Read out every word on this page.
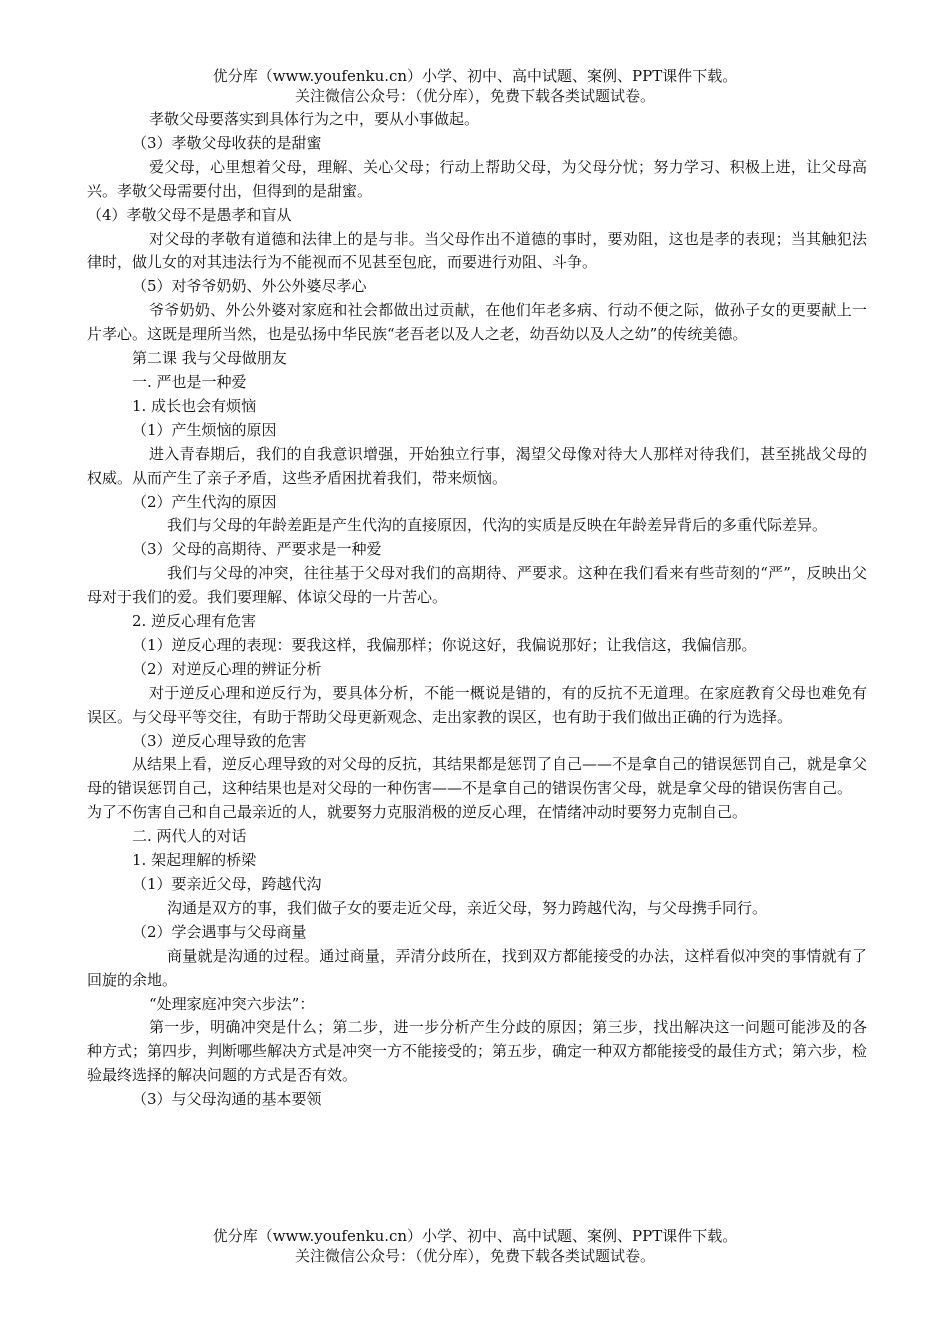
优分库（www.youfenku.cn）小学、初中、高中试题、案例、PPT课件下载。
关注微信公众号：（优分库），免费下载各类试题试卷。

孝敬父母要落实到具体行为之中，要从小事做起。

（3）孝敬父母收获的是甜蜜

爱父母，心里想着父母，理解、关心父母；行动上帮助父母，为父母分忧；努力学习、积极上进，让父母高兴。孝敬父母需要付出，但得到的是甜蜜。

（4）孝敬父母不是愚孝和盲从

对父母的孝敬有道德和法律上的是与非。当父母作出不道德的事时，要劝阻，这也是孝的表现；当其触犯法律时，做儿女的对其违法行为不能视而不见甚至包庇，而要进行劝阻、斗争。

（5）对爷爷奶奶、外公外婆尽孝心

爷爷奶奶、外公外婆对家庭和社会都做出过贡献，在他们年老多病、行动不便之际，做孙子女的更要献上一片孝心。这既是理所当然，也是弘扬中华民族“老吾老以及人之老，幼吾幼以及人之幼”的传统美德。

第二课 我与父母做朋友

一. 严也是一种爱

1. 成长也会有烦恼

（1）产生烦恼的原因

进入青春期后，我们的自我意识增强，开始独立行事，渴望父母像对待大人那样对待我们，甚至挑战父母的权威。从而产生了亲子矛盾，这些矛盾困扰着我们，带来烦恼。

（2）产生代沟的原因

我们与父母的年龄差距是产生代沟的直接原因，代沟的实质是反映在年龄差异背后的多重代际差异。

（3）父母的高期待、严要求是一种爱

我们与父母的冲突，往往基于父母对我们的高期待、严要求。这种在我们看来有些苛刻的“严”，反映出父母对于我们的爱。我们要理解、体谅父母的一片苦心。

2. 逆反心理有危害

（1）逆反心理的表现：要我这样，我偏那样；你说这好，我偏说那好；让我信这，我偏信那。

（2）对逆反心理的辨证分析

对于逆反心理和逆反行为，要具体分析，不能一概说是错的，有的反抗不无道理。在家庭教育父母也难免有误区。与父母平等交往，有助于帮助父母更新观念、走出家教的误区，也有助于我们做出正确的行为选择。

（3）逆反心理导致的危害

从结果上看，逆反心理导致的对父母的反抗，其结果都是惩罚了自己——不是拿自己的错误惩罚自己，就是拿父母的错误惩罚自己，这种结果也是对父母的一种伤害——不是拿自己的错误伤害父母，就是拿父母的错误伤害自己。

为了不伤害自己和自己最亲近的人，就要努力克服消极的逆反心理，在情绪冲动时要努力克制自己。

二. 两代人的对话

1. 架起理解的桥梁

（1）要亲近父母，跨越代沟

沟通是双方的事，我们做子女的要走近父母，亲近父母，努力跨越代沟，与父母携手同行。

（2）学会遇事与父母商量

商量就是沟通的过程。通过商量，弄清分歧所在，找到双方都能接受的办法，这样看似冲突的事情就有了回旋的余地。

“处理家庭冲突六步法”：

第一步，明确冲突是什么；第二步，进一步分析产生分歧的原因；第三步，找出解决这一问题可能涉及的各种方式；第四步，判断哪些解决方式是冲突一方不能接受的；第五步，确定一种双方都能接受的最佳方式；第六步，检验最终选择的解决问题的方式是否有效。

（3）与父母沟通的基本要领

优分库（www.youfenku.cn）小学、初中、高中试题、案例、PPT课件下载。
关注微信公众号：（优分库），免费下载各类试题试卷。
